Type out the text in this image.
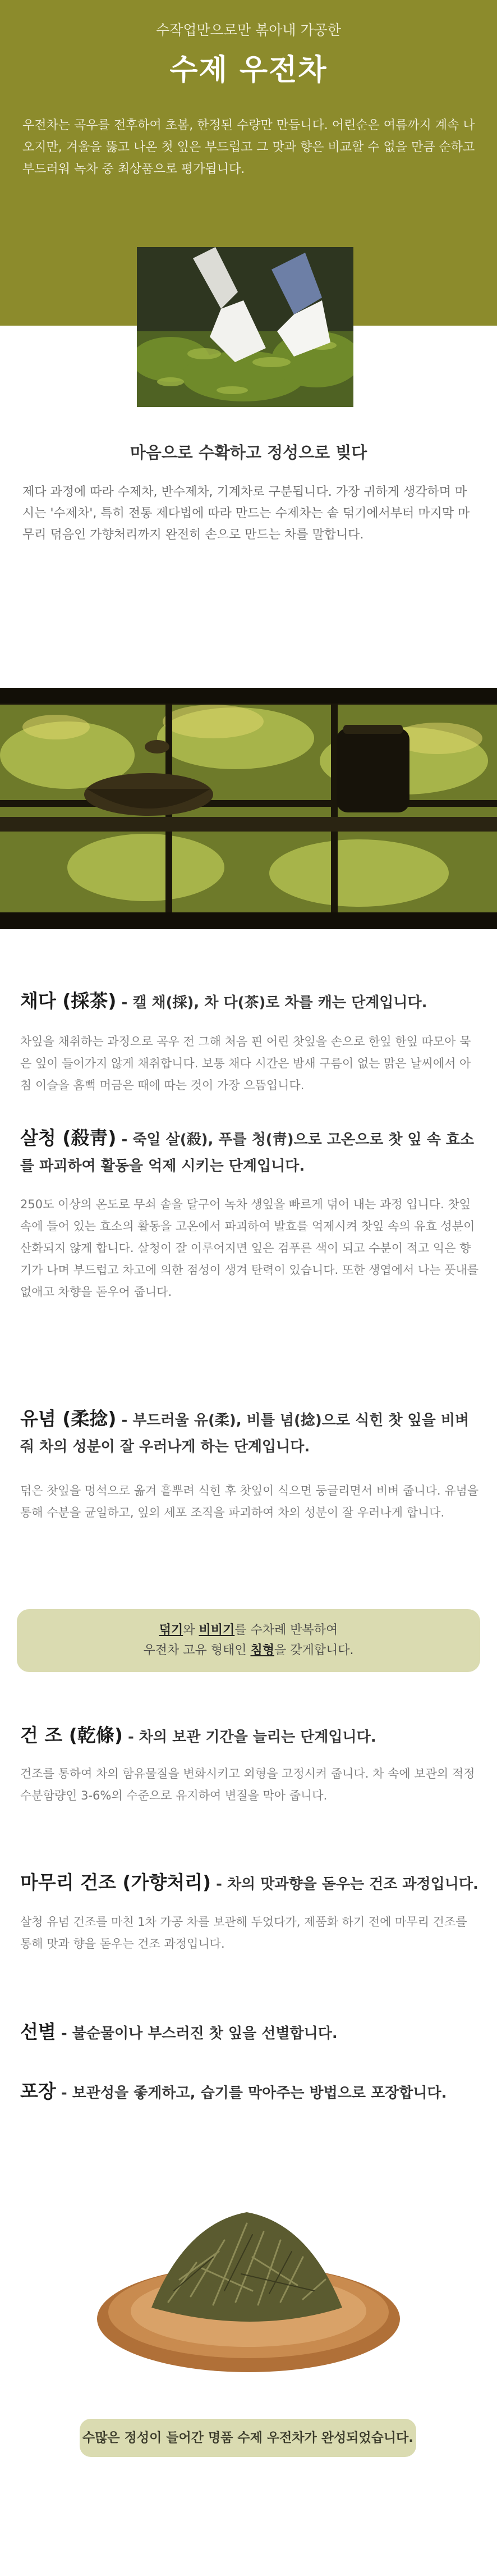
수작업만으로만 볶아내 가공한
수제 우전차
우전차는 곡우를 전후하여 초봄, 한정된 수량만 만듭니다. 어린순은 여름까지 계속 나오지만, 겨울을 뚫고 나온 첫 잎은 부드럽고 그 맛과 향은 비교할 수 없을 만큼 순하고 부드러워 녹차 중 최상품으로 평가됩니다.
마음으로 수확하고 정성으로 빚다
제다 과정에 따라 수제차, 반수제차, 기계차로 구분됩니다. 가장 귀하게 생각하며 마시는 '수제차', 특히 전통 제다법에 따라 만드는 수제차는 솥 덖기에서부터 마지막 마무리 덖음인 가향처리까지 완전히 손으로 만드는 차를 말합니다.
채다 (採茶) - 캘 채(採), 차 다(茶)로 차를 캐는 단계입니다.
차잎을 채취하는 과정으로 곡우 전 그해 처음 핀 어린 찻잎을 손으로 한잎 한잎 따모아 묵은 잎이 들어가지 않게 채취합니다. 보통 채다 시간은 밤새 구름이 없는 맑은 날씨에서 아침 이슬을 흠뻑 머금은 때에 따는 것이 가장 으뜸입니다.
살청 (殺靑) - 죽일 살(殺), 푸를 청(靑)으로 고온으로 찻 잎 속 효소를 파괴하여 활동을 억제 시키는 단계입니다.
250도 이상의 온도로 무쇠 솥을 달구어 녹차 생잎을 빠르게 덖어 내는 과정 입니다. 찻잎 속에 들어 있는 효소의 활동을 고온에서 파괴하여 발효를 억제시켜 찻잎 속의 유효 성분이 산화되지 않게 합니다. 살청이 잘 이루어지면 잎은 검푸른 색이 되고 수분이 적고 익은 향기가 나며 부드럽고 차고에 의한 점성이 생겨 탄력이 있습니다. 또한 생엽에서 나는 풋내를 없애고 차향을 돋우어 줍니다.
유념 (柔捻) - 부드러울 유(柔), 비틀 념(捻)으로 식힌 찻 잎을 비벼줘 차의 성분이 잘 우러나게 하는 단계입니다.
덖은 찻잎을 멍석으로 옮겨 흩뿌려 식힌 후 찻잎이 식으면 둥글리면서 비벼 줍니다. 유념을 통해 수분을 균일하고, 잎의 세포 조직을 파괴하여 차의 성분이 잘 우러나게 합니다.
덖기와 비비기를 수차례 반복하여
우전차 고유 형태인 침형을 갖게합니다.
건 조 (乾條) - 차의 보관 기간을 늘리는 단계입니다.
건조를 통하여 차의 함유물질을 변화시키고 외형을 고정시켜 줍니다. 차 속에 보관의 적정 수분함량인 3-6%의 수준으로 유지하여 변질을 막아 줍니다.
마무리 건조 (가향처리) - 차의 맛과향을 돋우는 건조 과정입니다.
살청 유념 건조를 마친 1차 가공 차를 보관해 두었다가, 제품화 하기 전에 마무리 건조를 통해 맛과 향을 돋우는 건조 과정입니다.
선별 - 불순물이나 부스러진 찻 잎을 선별합니다.
포장 - 보관성을 좋게하고, 습기를 막아주는 방법으로 포장합니다.
수많은 정성이 들어간 명품 수제 우전차가 완성되었습니다.
